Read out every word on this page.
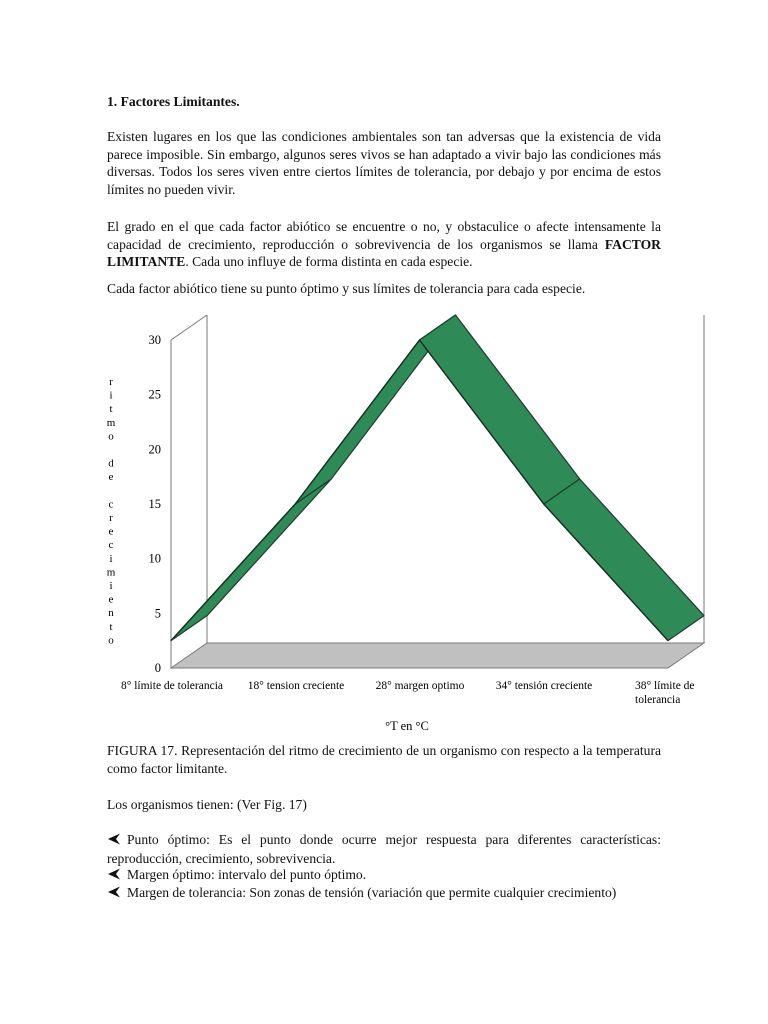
1. Factores Limitantes.
Existen lugares en los que las condiciones ambientales son tan adversas que la existencia de vida parece imposible. Sin embargo, algunos seres vivos se han adaptado a vivir bajo las condiciones más diversas. Todos los seres viven entre ciertos límites de tolerancia, por debajo y por encima de estos límites no pueden vivir.
El grado en el que cada factor abiótico se encuentre o no, y obstaculice o afecte intensamente la capacidad de crecimiento, reproducción o sobrevivencia de los organismos se llama FACTOR LIMITANTE. Cada uno influye de forma distinta en cada especie.
Cada factor abiótico tiene su punto óptimo y sus límites de tolerancia para cada especie.
0
5
10
15
20
25
30
8° límite de tolerancia 18° tension creciente	28° margen optimo	34° tensión creciente	38° límite de tolerancia
r i t m o d e c r e c i m i e n t o
°T en °C
FIGURA 17. Representación del ritmo de crecimiento de un organismo con respecto a la temperatura como factor limitante.
Los organismos tienen: (Ver Fig. 17)
Punto óptimo: Es el punto donde ocurre mejor respuesta para diferentes características: reproducción, crecimiento, sobrevivencia.
Margen óptimo: intervalo del punto óptimo.
Margen de tolerancia: Son zonas de tensión (variación que permite cualquier crecimiento)
